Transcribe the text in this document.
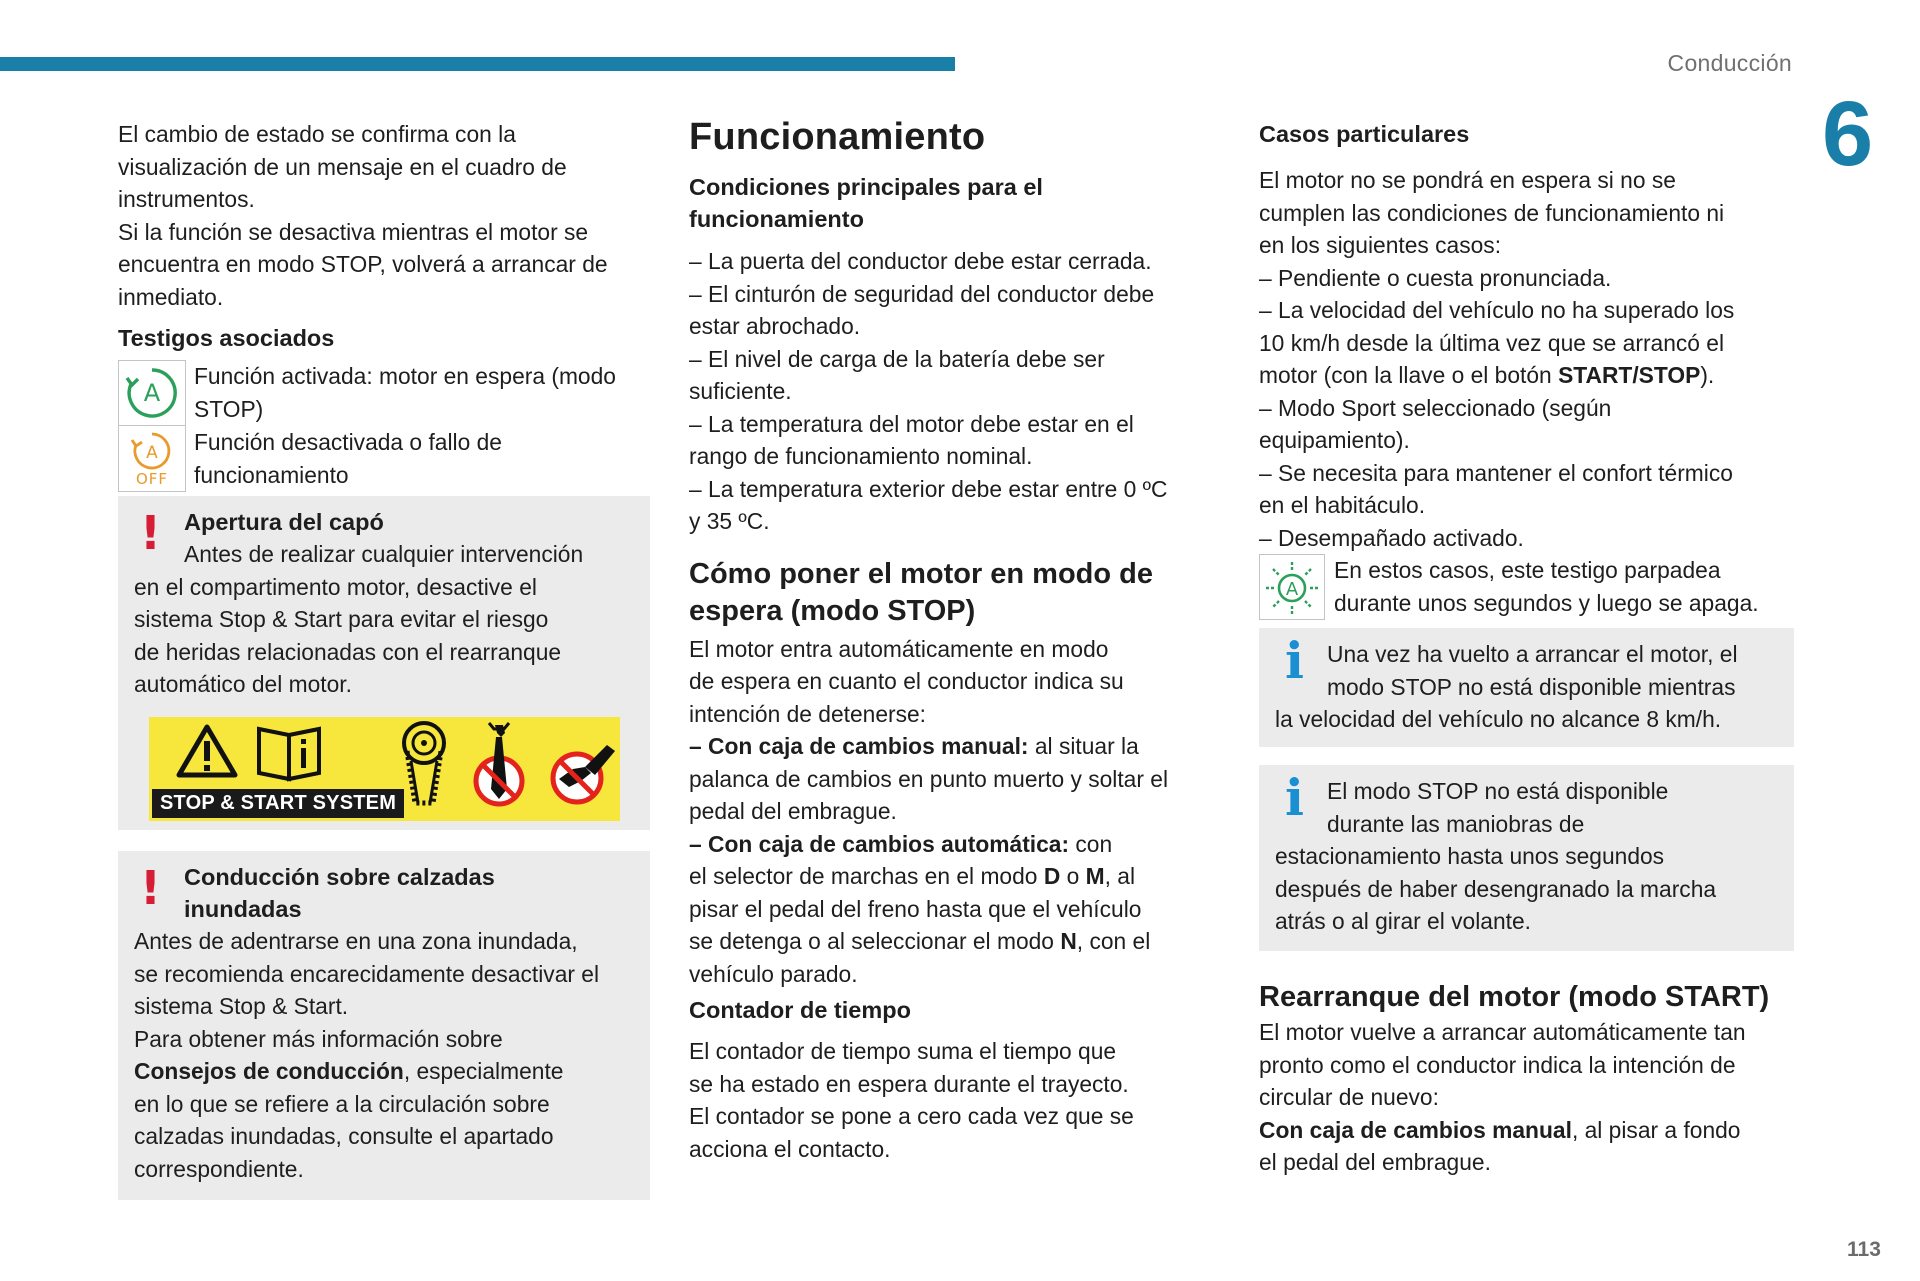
Conducción
6
113
El cambio de estado se confirma con la
visualización de un mensaje en el cuadro de
instrumentos.
Si la función se desactiva mientras el motor se
encuentra en modo STOP, volverá a arrancar de
inmediato.
Testigos asociados
A
Función activada: motor en espera (modo
STOP)
A
OFF
Función desactivada o fallo de
funcionamiento
! Apertura del capó
Antes de realizar cualquier intervención
en el compartimento motor, desactive el
sistema Stop & Start para evitar el riesgo
de heridas relacionadas con el rearranque
automático del motor.
STOP & START SYSTEM
! Conducción sobre calzadas
inundadas
Antes de adentrarse en una zona inundada,
se recomienda encarecidamente desactivar el
sistema Stop & Start.
Para obtener más información sobre
Consejos de conducción, especialmente
en lo que se refiere a la circulación sobre
calzadas inundadas, consulte el apartado
correspondiente.
Funcionamiento
Condiciones principales para el
funcionamiento
– La puerta del conductor debe estar cerrada.
– El cinturón de seguridad del conductor debe
estar abrochado.
– El nivel de carga de la batería debe ser
suficiente.
– La temperatura del motor debe estar en el
rango de funcionamiento nominal.
– La temperatura exterior debe estar entre 0 ºC
y 35 ºC.
Cómo poner el motor en modo de
espera (modo STOP)
El motor entra automáticamente en modo
de espera en cuanto el conductor indica su
intención de detenerse:
– Con caja de cambios manual: al situar la
palanca de cambios en punto muerto y soltar el
pedal del embrague.
– Con caja de cambios automática: con
el selector de marchas en el modo D o M, al
pisar el pedal del freno hasta que el vehículo
se detenga o al seleccionar el modo N, con el
vehículo parado.
Contador de tiempo
El contador de tiempo suma el tiempo que
se ha estado en espera durante el trayecto.
El contador se pone a cero cada vez que se
acciona el contacto.
Casos particulares
El motor no se pondrá en espera si no se
cumplen las condiciones de funcionamiento ni
en los siguientes casos:
– Pendiente o cuesta pronunciada.
– La velocidad del vehículo no ha superado los
10 km/h desde la última vez que se arrancó el
motor (con la llave o el botón START/STOP).
– Modo Sport seleccionado (según
equipamiento).
– Se necesita para mantener el confort térmico
en el habitáculo.
– Desempañado activado.
A
En estos casos, este testigo parpadea
durante unos segundos y luego se apaga.
i	Una vez ha vuelto a arrancar el motor, el
modo STOP no está disponible mientras
la velocidad del vehículo no alcance 8 km/h.
i	El modo STOP no está disponible
durante las maniobras de
estacionamiento hasta unos segundos
después de haber desengranado la marcha
atrás o al girar el volante.
Rearranque del motor (modo START)
El motor vuelve a arrancar automáticamente tan
pronto como el conductor indica la intención de
circular de nuevo:
Con caja de cambios manual, al pisar a fondo
el pedal del embrague.
